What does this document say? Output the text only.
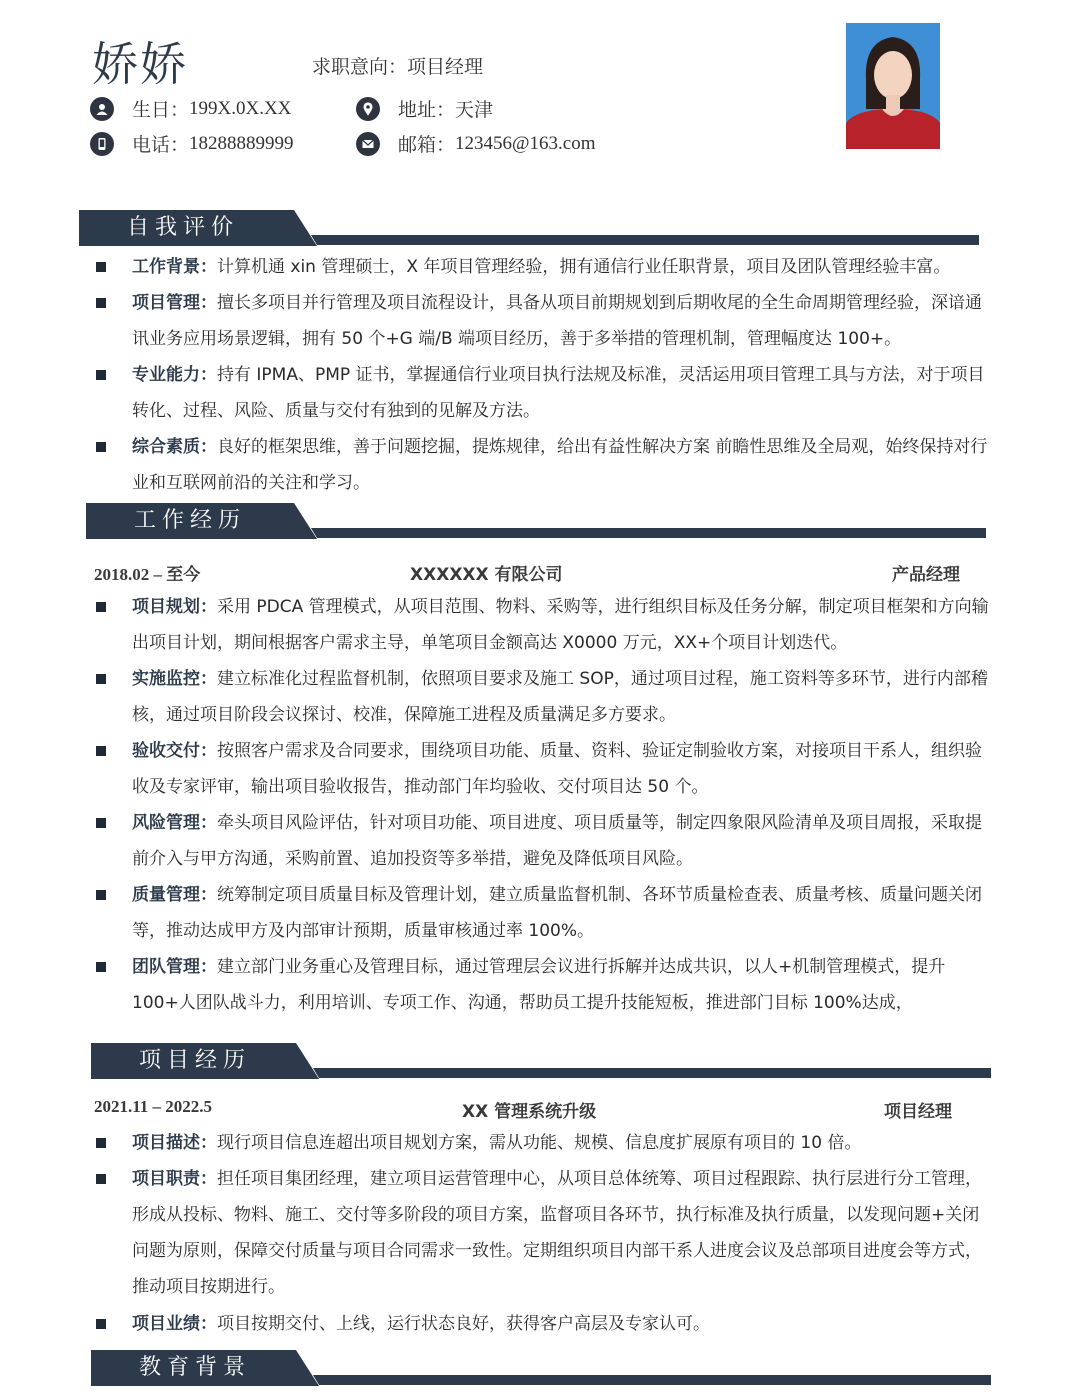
娇娇	求职意向：项目经理
生日： 199X.0X.XX	地址： 天津
电话： 18288889999	邮箱： 123456@163.com
自我评价

工作背景：计算机通 xin 管理硕士，X 年项目管理经验，拥有通信行业任职背景，项目及团队管理经验丰富。

项目管理：擅长多项目并行管理及项目流程设计，具备从项目前期规划到后期收尾的全生命周期管理经验，深谙通讯业务应用场景逻辑，拥有 50 个+G 端/B 端项目经历，善于多举措的管理机制，管理幅度达 100+。

专业能力：持有 IPMA、PMP 证书，掌握通信行业项目执行法规及标准，灵活运用项目管理工具与方法，对于项目转化、过程、风险、质量与交付有独到的见解及方法。

综合素质：良好的框架思维，善于问题挖掘，提炼规律，给出有益性解决方案 前瞻性思维及全局观，始终保持对行业和互联网前沿的关注和学习。

工作经历
2018.02 – 至今	XXXXXX 有限公司	产品经理

项目规划：采用 PDCA 管理模式，从项目范围、物料、采购等，进行组织目标及任务分解，制定项目框架和方向输出项目计划，期间根据客户需求主导，单笔项目金额高达 X0000 万元，XX+个项目计划迭代。

实施监控：建立标准化过程监督机制，依照项目要求及施工 SOP，通过项目过程，施工资料等多环节，进行内部稽核，通过项目阶段会议探讨、校准，保障施工进程及质量满足多方要求。

验收交付：按照客户需求及合同要求，围绕项目功能、质量、资料、验证定制验收方案，对接项目干系人，组织验收及专家评审，输出项目验收报告，推动部门年均验收、交付项目达 50 个。

风险管理：牵头项目风险评估，针对项目功能、项目进度、项目质量等，制定四象限风险清单及项目周报，采取提前介入与甲方沟通，采购前置、追加投资等多举措，避免及降低项目风险。

质量管理：统筹制定项目质量目标及管理计划，建立质量监督机制、各环节质量检查表、质量考核、质量问题关闭等，推动达成甲方及内部审计预期，质量审核通过率 100%。

团队管理：建立部门业务重心及管理目标，通过管理层会议进行拆解并达成共识，以人+机制管理模式，提升100+人团队战斗力，利用培训、专项工作、沟通，帮助员工提升技能短板，推进部门目标 100%达成，

项目经历
2021.11 – 2022.5	XX 管理系统升级	项目经理

项目描述：现行项目信息连超出项目规划方案，需从功能、规模、信息度扩展原有项目的 10 倍。

项目职责：担任项目集团经理，建立项目运营管理中心，从项目总体统筹、项目过程跟踪、执行层进行分工管理，形成从投标、物料、施工、交付等多阶段的项目方案，监督项目各环节，执行标准及执行质量，以发现问题+关闭问题为原则，保障交付质量与项目合同需求一致性。定期组织项目内部干系人进度会议及总部项目进度会等方式，推动项目按期进行。

项目业绩：项目按期交付、上线，运行状态良好，获得客户高层及专家认可。

教育背景
